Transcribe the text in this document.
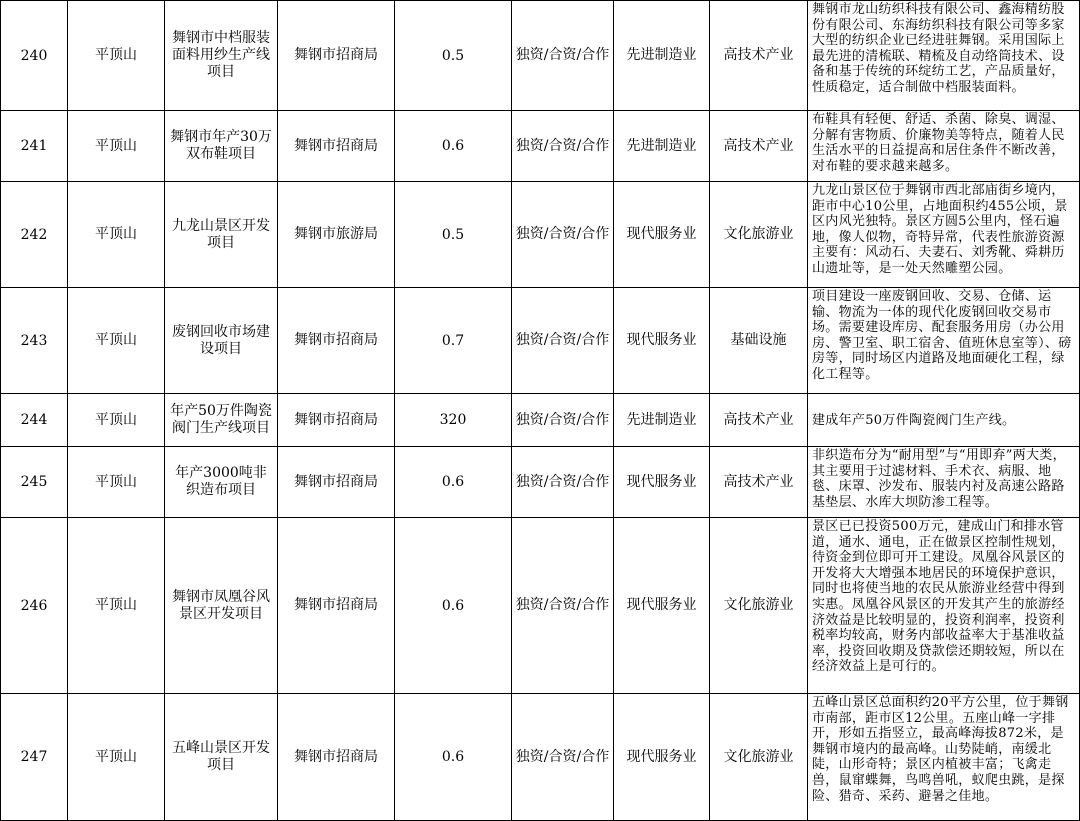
240	平顶山	舞钢市中档服装面料用纱生产线项目	舞钢市招商局	0.5	独资/合资/合作	先进制造业	高技术产业	舞钢市龙山纺织科技有限公司、鑫海精纺股份有限公司、东海纺织科技有限公司等多家大型的纺织企业已经进驻舞钢。采用国际上最先进的清梳联、精梳及自动络筒技术、设备和基于传统的环绽纺工艺，产品质量好，性质稳定，适合制做中档服装面料。
241	平顶山	舞钢市年产30万双布鞋项目	舞钢市招商局	0.6	独资/合资/合作	先进制造业	高技术产业	布鞋具有轻便、舒适、杀菌、除臭、调湿、分解有害物质、价廉物美等特点，随着人民生活水平的日益提高和居住条件不断改善，对布鞋的要求越来越多。
242	平顶山	九龙山景区开发项目	舞钢市旅游局	0.5	独资/合资/合作	现代服务业	文化旅游业	九龙山景区位于舞钢市西北部庙街乡境内，距市中心10公里，占地面积约455公顷，景区内风光独特。景区方圆5公里内，怪石遍地，像人似物，奇特异常，代表性旅游资源主要有：风动石、夫妻石、刘秀靴、舜耕历山遗址等，是一处天然雕塑公园。
243	平顶山	废钢回收市场建设项目	舞钢市招商局	0.7	独资/合资/合作	现代服务业	基础设施	项目建设一座废钢回收、交易、仓储、运输、物流为一体的现代化废钢回收交易市场。需要建设库房、配套服务用房（办公用房、警卫室、职工宿舍、值班休息室等）、磅房等，同时场区内道路及地面硬化工程，绿化工程等。
244	平顶山	年产50万件陶瓷阀门生产线项目	舞钢市招商局	320	独资/合资/合作	先进制造业	高技术产业	建成年产50万件陶瓷阀门生产线。
245	平顶山	年产3000吨非织造布项目	舞钢市招商局	0.6	独资/合资/合作	现代服务业	高技术产业	非织造布分为“耐用型”与“用即弃”两大类，其主要用于过滤材料、手术衣、病服、地毯、床罩、沙发布、服装内衬及高速公路路基垫层、水库大坝防渗工程等。
246	平顶山	舞钢市凤凰谷风景区开发项目	舞钢市招商局	0.6	独资/合资/合作	现代服务业	文化旅游业	景区已已投资500万元，建成山门和排水管道，通水、通电，正在做景区控制性规划，待资金到位即可开工建设。凤凰谷风景区的开发将大大增强本地居民的环境保护意识，同时也将使当地的农民从旅游业经营中得到实惠。凤凰谷风景区的开发其产生的旅游经济效益是比较明显的，投资利润率，投资利税率均较高，财务内部收益率大于基准收益率，投资回收期及贷款偿还期较短，所以在经济效益上是可行的。
247	平顶山	五峰山景区开发项目	舞钢市招商局	0.6	独资/合资/合作	现代服务业	文化旅游业	五峰山景区总面积约20平方公里，位于舞钢市南部，距市区12公里。五座山峰一字排开，形如五指竖立，最高峰海拔872米，是舞钢市境内的最高峰。山势陡峭，南缓北陡，山形奇特；景区内植被丰富；飞禽走兽，鼠窜蝶舞，鸟鸣兽吼，蚁爬虫跳，是探险、猎奇、采药、避暑之佳地。
